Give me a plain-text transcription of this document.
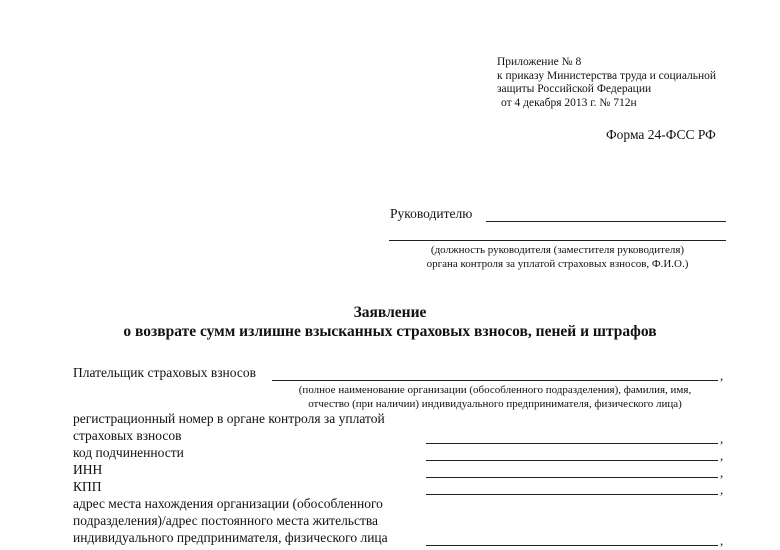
Приложение № 8
к приказу Министерства труда и социальной
защиты Российской Федерации
от 4 декабря 2013 г. № 712н
Форма 24-ФСС РФ
Руководителю
(должность руководителя (заместителя руководителя)
органа контроля за уплатой страховых взносов, Ф.И.О.)
Заявление
о возврате сумм излишне взысканных страховых взносов, пеней и штрафов
Плательщик страховых взносов	,
(полное наименование организации (обособленного подразделения), фамилия, имя,
отчество (при наличии) индивидуального предпринимателя, физического лица)
регистрационный номер в органе контроля за уплатой
страховых взносов	,
код подчиненности	,
ИНН	,
КПП	,
адрес места нахождения организации (обособленного
подразделения)/адрес постоянного места жительства
индивидуального предпринимателя, физического лица	,
